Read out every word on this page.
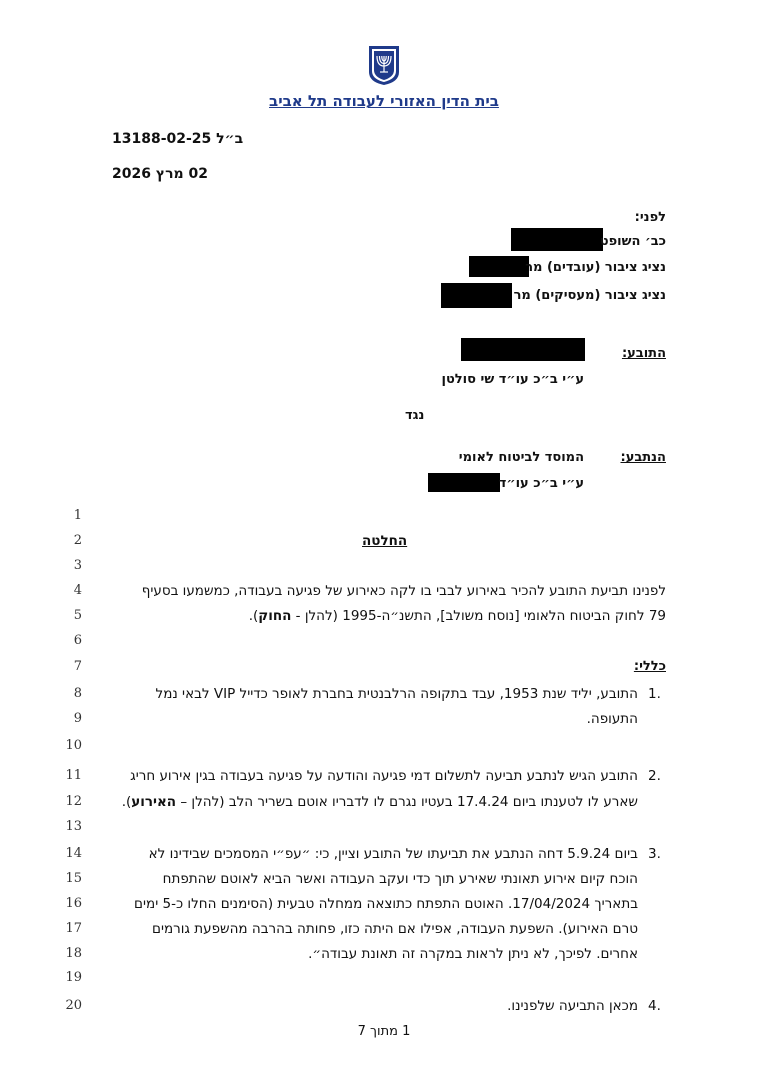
בית הדין האזורי לעבודה תל אביב
ב״ל 13188-02-25
02 מרץ 2026
לפני:
כב׳ השופט
נציג ציבור (עובדים) מר
נציג ציבור (מעסיקים) מר
התובע:
ע״י ב״כ עו״ד שי סולטן
נגד
הנתבע:
המוסד לביטוח לאומי
ע״י ב״כ עו״ד
1
2
3
4
5
6
7
8
9
10
11
12
13
14
15
16
17
18
19
20
החלטה
לפנינו תביעת התובע להכיר באירוע לבבי בו לקה כאירוע של פגיעה בעבודה, כמשמעו בסעיף
79 לחוק הביטוח הלאומי [נוסח משולב], התשנ״ה-1995 (להלן - החוק).
כללי:
1.
התובע, יליד שנת 1953, עבד בתקופה הרלבנטית בחברת לאופר כדייל VIP לבאי נמל
התעופה.
2.
התובע הגיש לנתבע תביעה לתשלום דמי פגיעה והודעה על פגיעה בעבודה בגין אירוע חריג
שארע לו לטענתו ביום 17.4.24 בעטיו נגרם לו לדבריו אוטם בשריר הלב (להלן – האירוע).
3.
ביום 5.9.24 דחה הנתבע את תביעתו של התובע וציין, כי: ״עפ״י המסמכים שבידינו לא
הוכח קיום אירוע תאונתי שאירע תוך כדי ועקב העבודה ואשר הביא לאוטם שהתפתח
בתאריך 17/04/2024. האוטם התפתח כתוצאה ממחלה טבעית (הסימנים החלו כ-5 ימים
טרם האירוע). השפעת העבודה, אפילו אם היתה כזו, פחותה בהרבה מהשפעת גורמים
אחרים. לפיכך, לא ניתן לראות במקרה זה תאונת עבודה״.
4.
מכאן התביעה שלפנינו.
1 מתוך 7
